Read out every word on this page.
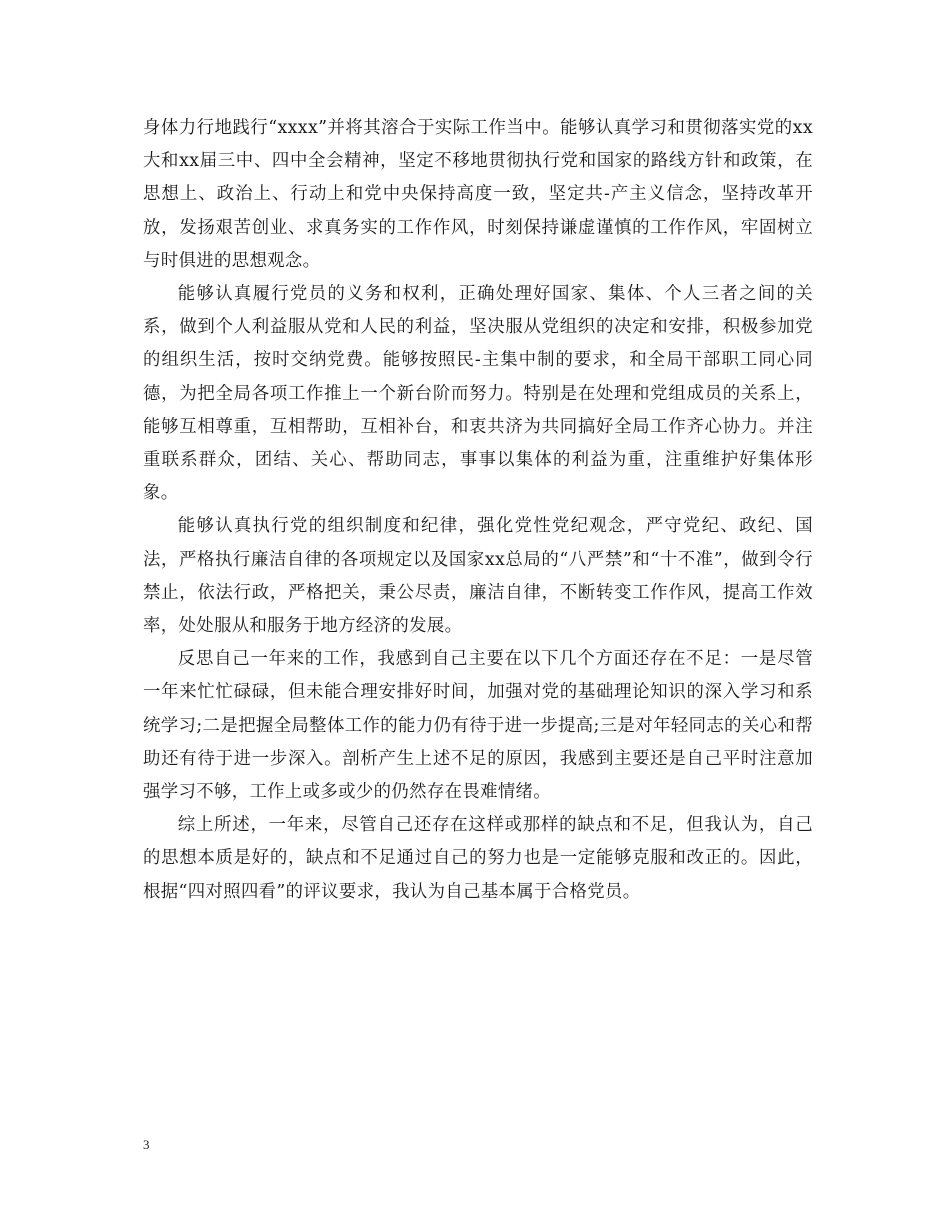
身体力行地践行“xxxx”并将其溶合于实际工作当中。能够认真学习和贯彻落实党的xx大和xx届三中、四中全会精神，坚定不移地贯彻执行党和国家的路线方针和政策，在思想上、政治上、行动上和党中央保持高度一致，坚定共-产主义信念，坚持改革开放，发扬艰苦创业、求真务实的工作作风，时刻保持谦虚谨慎的工作作风，牢固树立与时俱进的思想观念。

能够认真履行党员的义务和权利，正确处理好国家、集体、个人三者之间的关系，做到个人利益服从党和人民的利益，坚决服从党组织的决定和安排，积极参加党的组织生活，按时交纳党费。能够按照民-主集中制的要求，和全局干部职工同心同德，为把全局各项工作推上一个新台阶而努力。特别是在处理和党组成员的关系上，能够互相尊重，互相帮助，互相补台，和衷共济为共同搞好全局工作齐心协力。并注重联系群众，团结、关心、帮助同志，事事以集体的利益为重，注重维护好集体形象。

能够认真执行党的组织制度和纪律，强化党性党纪观念，严守党纪、政纪、国法，严格执行廉洁自律的各项规定以及国家xx总局的“八严禁”和“十不准”，做到令行禁止，依法行政，严格把关，秉公尽责，廉洁自律，不断转变工作作风，提高工作效率，处处服从和服务于地方经济的发展。

反思自己一年来的工作，我感到自己主要在以下几个方面还存在不足：一是尽管一年来忙忙碌碌，但未能合理安排好时间，加强对党的基础理论知识的深入学习和系统学习;二是把握全局整体工作的能力仍有待于进一步提高;三是对年轻同志的关心和帮助还有待于进一步深入。剖析产生上述不足的原因，我感到主要还是自己平时注意加强学习不够，工作上或多或少的仍然存在畏难情绪。

综上所述，一年来，尽管自己还存在这样或那样的缺点和不足，但我认为，自己的思想本质是好的，缺点和不足通过自己的努力也是一定能够克服和改正的。因此，根据“四对照四看”的评议要求，我认为自己基本属于合格党员。

3
